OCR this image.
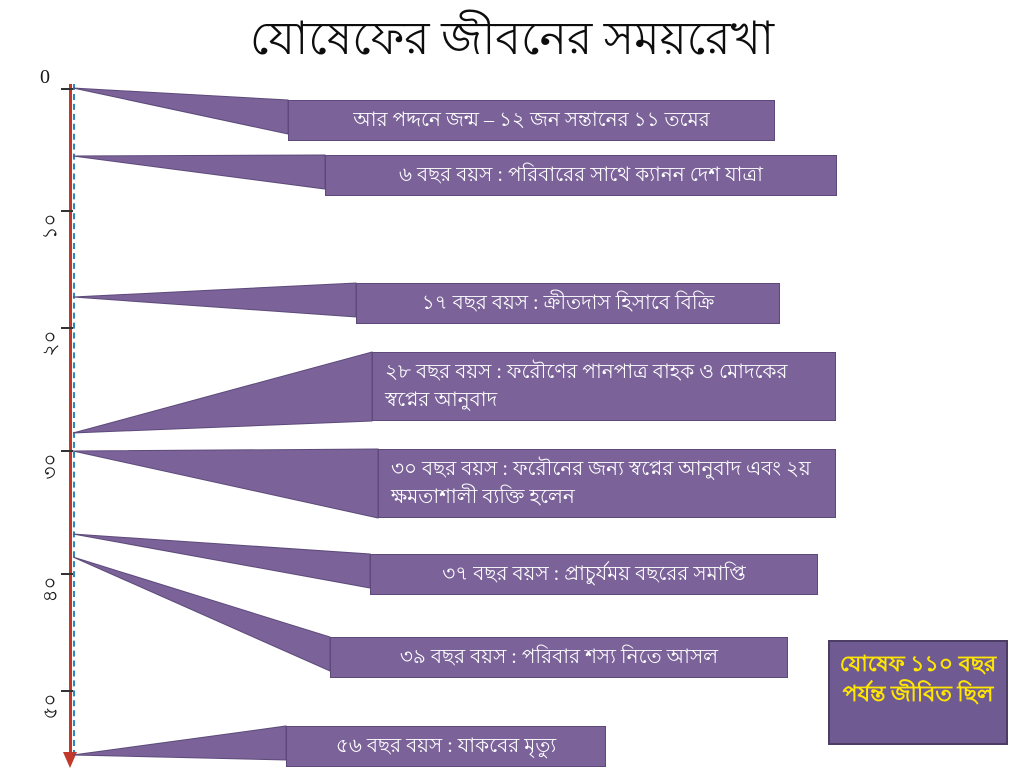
যোষেফের জীবনের সময়রেখা
0
১০
২০
৩০
৪০
৫০
আর পদ্দনে জন্ম – ১২ জন সন্তানের ১১ তমের
৬ বছর বয়স : পরিবারের সাথে ক্যানন দেশ যাত্রা
১৭ বছর বয়স : ক্রীতদাস হিসাবে বিক্রি
২৮ বছর বয়স : ফরৌণের পানপাত্র বাহক ও মোদকের স্বপ্নের আনুবাদ
৩০ বছর বয়স : ফরৌনের জন্য স্বপ্নের আনুবাদ এবং ২য় ক্ষমতাশালী ব্যক্তি হলেন
৩৭ বছর বয়স : প্রাচুর্যময় বছরের সমাপ্তি
৩৯ বছর বয়স : পরিবার শস্য নিতে আসল
৫৬ বছর বয়স : যাকবের মৃত্যু
যোষেফ ১১০ বছর পর্যন্ত জীবিত ছিল
